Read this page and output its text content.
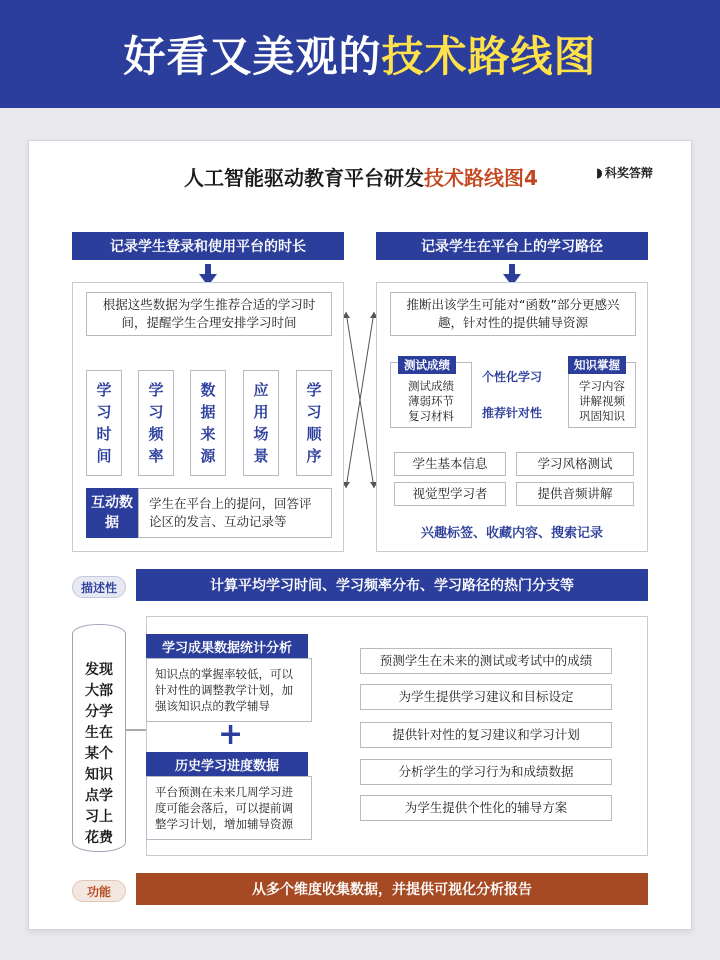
好看又美观的技术路线图
人工智能驱动教育平台研发技术路线图4	◗ 科奖答辩
记录学生登录和使用平台的时长
根据这些数据为学生推荐合适的学习时间，提醒学生合理安排学习时间
学习时间
学习频率
数据来源
应用场景
学习顺序
互动数据
学生在平台上的提问，回答评论区的发言、互动记录等
记录学生在平台上的学习路径
推断出该学生可能对“函数”部分更感兴趣，针对性的提供辅导资源
测试成绩
薄弱环节
复习材料
测试成绩
学习内容
讲解视频
巩固知识
知识掌握
个性化学习
推荐针对性
学生基本信息	学习风格测试
视觉型学习者	提供音频讲解
兴趣标签、收藏内容、搜索记录
描述性	计算平均学习时间、学习频率分布、学习路径的热门分支等
发现大部分学生在某个知识点学习上花费
学习成果数据统计分析
知识点的掌握率较低，可以针对性的调整教学计划，加强该知识点的教学辅导
+
历史学习进度数据
平台预测在未来几周学习进度可能会落后，可以提前调整学习计划，增加辅导资源
预测学生在未来的测试或考试中的成绩
为学生提供学习建议和目标设定
提供针对性的复习建议和学习计划
分析学生的学习行为和成绩数据
为学生提供个性化的辅导方案
功能	从多个维度收集数据，并提供可视化分析报告
